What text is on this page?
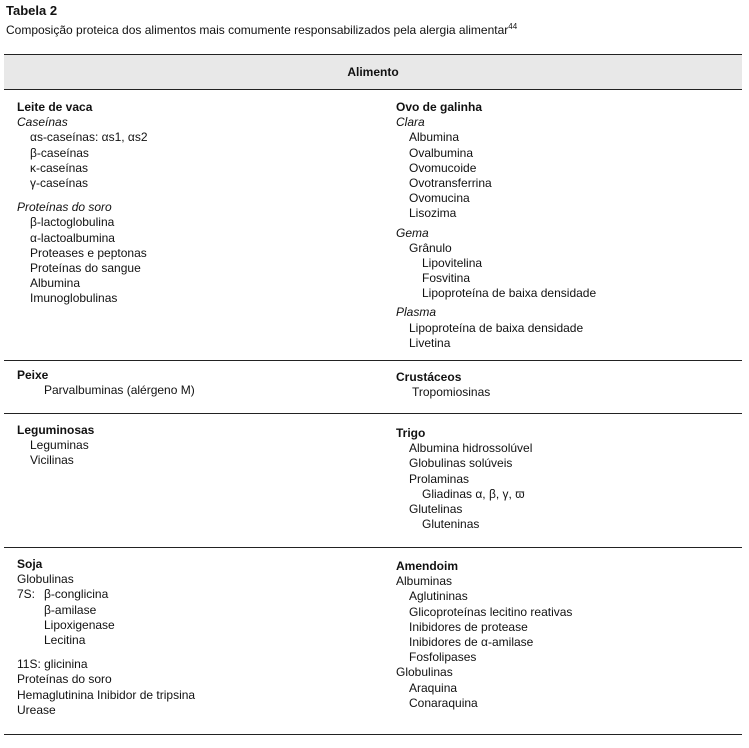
Tabela 2
Composição proteica dos alimentos mais comumente responsabilizados pela alergia alimentar$^{44}$
Alimento
Leite de vaca
Caseínas
αs-caseínas: αs1, αs2
β-caseínas
κ-caseínas
γ-caseínas
Proteínas do soro
β-lactoglobulina
α-lactoalbumina
Proteases e peptonas
Proteínas do sangue
Albumina
Imunoglobulinas
Ovo de galinha
Clara
Albumina
Ovalbumina
Ovomucoide
Ovotransferrina
Ovomucina
Lisozima
Gema
Grânulo
Lipovitelina
Fosvitina
Lipoproteína de baixa densidade
Plasma
Lipoproteína de baixa densidade
Livetina
Peixe
Parvalbuminas (alérgeno M)
Crustáceos
Tropomiosinas
Leguminosas
Leguminas
Vicilinas
Trigo
Albumina hidrossolúvel
Globulinas solúveis
Prolaminas
Gliadinas α, β, γ, ϖ
Glutelinas
Gluteninas
Soja
Globulinas
7S: β-conglicina
β-amilase
Lipoxigenase
Lecitina
11S: glicinina
Proteínas do soro
Hemaglutinina Inibidor de tripsina
Urease
Amendoim
Albuminas
Aglutininas
Glicoproteínas lecitino reativas
Inibidores de protease
Inibidores de α-amilase
Fosfolipases
Globulinas
Araquina
Conaraquina
